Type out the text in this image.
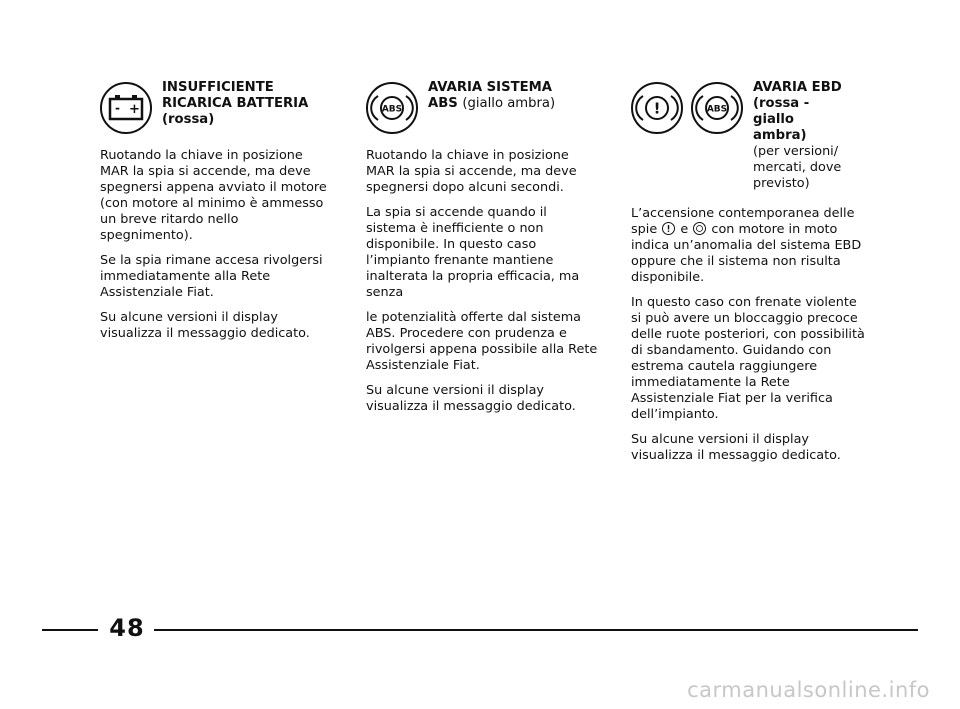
- +
INSUFFICIENTE
RICARICA BATTERIA
(rossa)

Ruotando la chiave in posizione MAR la spia si accende, ma deve spegnersi appena avviato il motore (con motore al minimo è ammesso un breve ritardo nello spegnimento).

Se la spia rimane accesa rivolgersi immediatamente alla Rete Assistenziale Fiat.

Su alcune versioni il display visualizza il messaggio dedicato.

ABS
AVARIA SISTEMA
ABS (giallo ambra)

Ruotando la chiave in posizione MAR la spia si accende, ma deve spegnersi dopo alcuni secondi.

La spia si accende quando il sistema è inefficiente o non disponibile. In questo caso l’impianto frenante mantiene inalterata la propria efficacia, ma senza

le potenzialità offerte dal sistema ABS. Procedere con prudenza e rivolgersi appena possibile alla Rete Assistenziale Fiat.

Su alcune versioni il display visualizza il messaggio dedicato.

!	ABS
AVARIA EBD
(rossa - giallo
ambra)
(per versioni/
mercati, dove
previsto)

L’accensione contemporanea delle spie
e
con motore in moto indica un’anomalia del sistema EBD oppure che il sistema non risulta disponibile.

In questo caso con frenate violente si può avere un bloccaggio precoce delle ruote posteriori, con possibilità di sbandamento. Guidando con estrema cautela raggiungere immediatamente la Rete Assistenziale Fiat per la verifica dell’impianto.

Su alcune versioni il display visualizza il messaggio dedicato.

48
carmanualsonline.info
